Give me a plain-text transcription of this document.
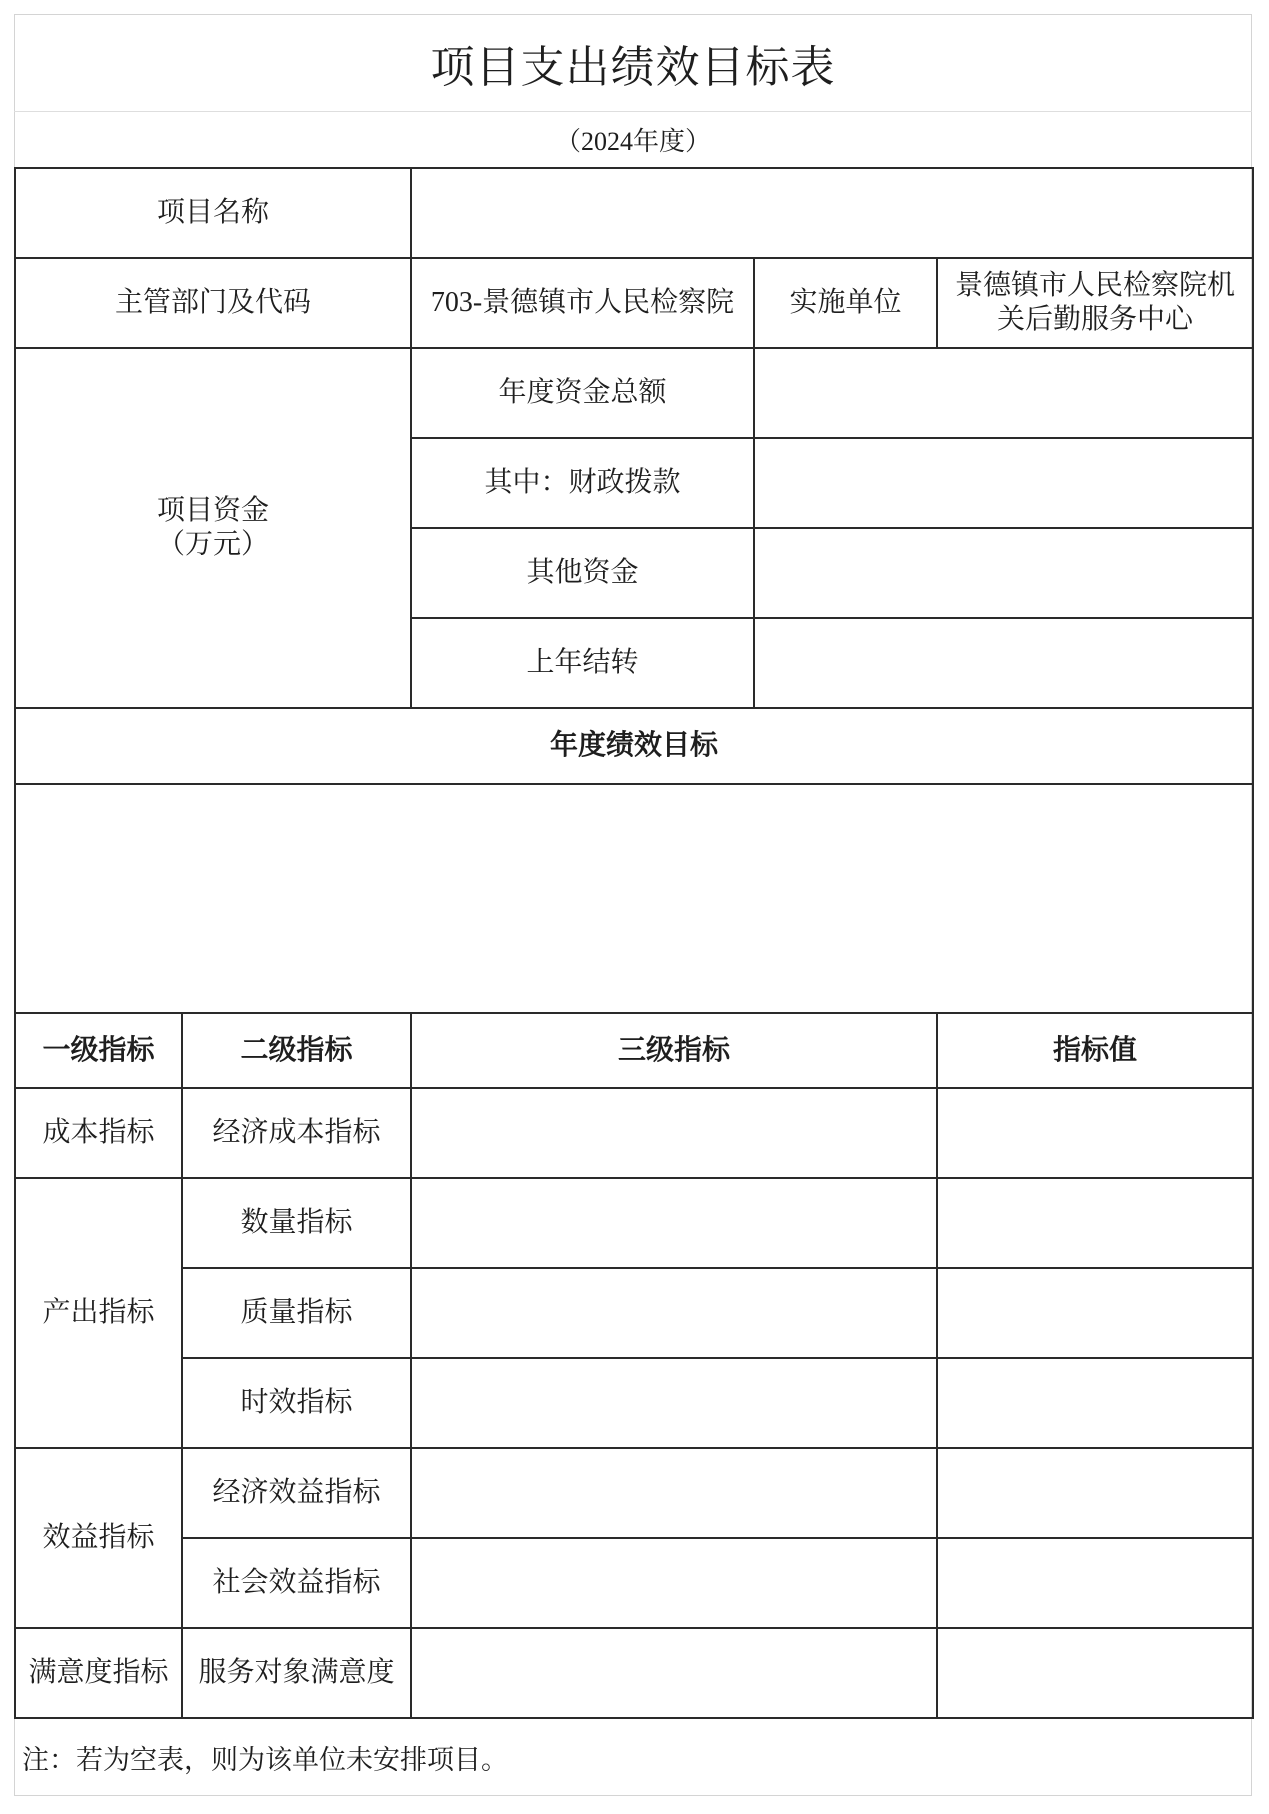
项目支出绩效目标表
（2024年度）
项目名称				
主管部门及代码		703-景德镇市人民检察院	实施单位	景德镇市人民检察院机关后勤服务中心

项目资金
（万元）		年度资金总额		
		其中：财政拨款		
		其他资金		
		上年结转		
年度绩效目标				

一级指标	二级指标	三级指标		指标值
成本指标	经济成本指标			
产出指标	数量指标			
	质量指标			
	时效指标			
效益指标	经济效益指标			
	社会效益指标			
满意度指标	服务对象满意度			
注：若为空表，则为该单位未安排项目。
